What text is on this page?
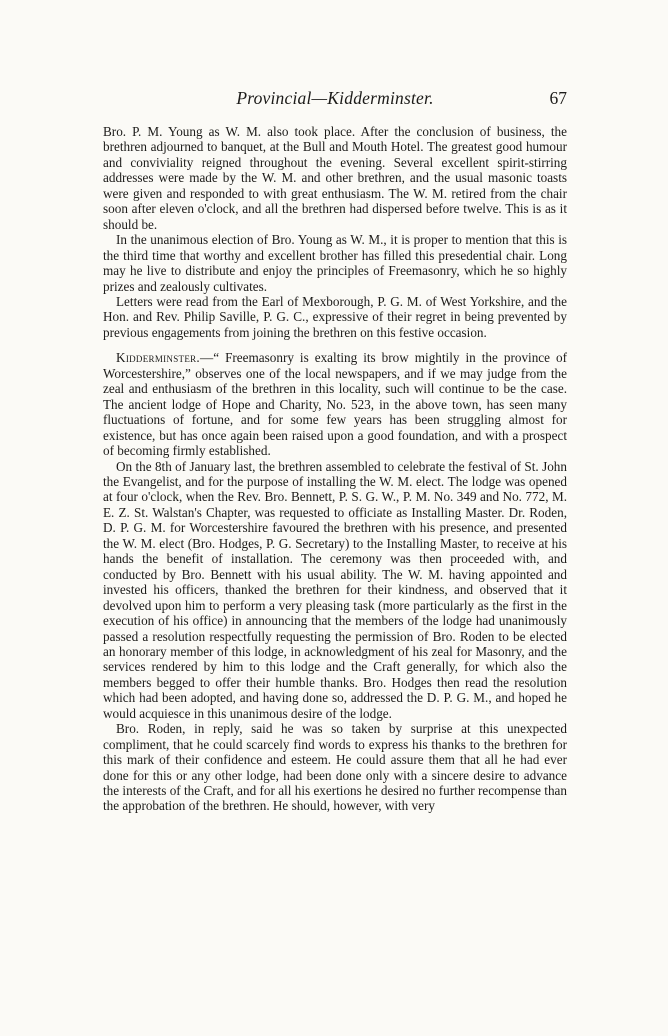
Provincial—Kidderminster.	67

Bro. P. M. Young as W. M. also took place. After the conclusion of business, the brethren adjourned to banquet, at the Bull and Mouth Hotel. The greatest good humour and conviviality reigned throughout the evening. Several excellent spirit-stirring addresses were made by the W. M. and other brethren, and the usual masonic toasts were given and responded to with great enthusiasm. The W. M. retired from the chair soon after eleven o'clock, and all the brethren had dispersed before twelve. This is as it should be.

In the unanimous election of Bro. Young as W. M., it is proper to mention that this is the third time that worthy and excellent brother has filled this presedential chair. Long may he live to distribute and enjoy the principles of Freemasonry, which he so highly prizes and zealously cultivates.

Letters were read from the Earl of Mexborough, P. G. M. of West Yorkshire, and the Hon. and Rev. Philip Saville, P. G. C., expressive of their regret in being prevented by previous engagements from joining the brethren on this festive occasion.

Kidderminster.—“ Freemasonry is exalting its brow mightily in the province of Worcestershire,” observes one of the local newspapers, and if we may judge from the zeal and enthusiasm of the brethren in this locality, such will continue to be the case. The ancient lodge of Hope and Charity, No. 523, in the above town, has seen many fluctuations of fortune, and for some few years has been struggling almost for existence, but has once again been raised upon a good foundation, and with a prospect of becoming firmly established.

On the 8th of January last, the brethren assembled to celebrate the festival of St. John the Evangelist, and for the purpose of installing the W. M. elect. The lodge was opened at four o'clock, when the Rev. Bro. Bennett, P. S. G. W., P. M. No. 349 and No. 772, M. E. Z. St. Walstan's Chapter, was requested to officiate as Installing Master. Dr. Roden, D. P. G. M. for Worcestershire favoured the brethren with his presence, and presented the W. M. elect (Bro. Hodges, P. G. Secretary) to the Installing Master, to receive at his hands the benefit of installation. The ceremony was then proceeded with, and conducted by Bro. Bennett with his usual ability. The W. M. having appointed and invested his officers, thanked the brethren for their kindness, and observed that it devolved upon him to perform a very pleasing task (more particularly as the first in the execution of his office) in announcing that the members of the lodge had unanimously passed a resolution respectfully requesting the permission of Bro. Roden to be elected an honorary member of this lodge, in acknowledgment of his zeal for Masonry, and the services rendered by him to this lodge and the Craft generally, for which also the members begged to offer their humble thanks. Bro. Hodges then read the resolution which had been adopted, and having done so, addressed the D. P. G. M., and hoped he would acquiesce in this unanimous desire of the lodge.

Bro. Roden, in reply, said he was so taken by surprise at this unexpected compliment, that he could scarcely find words to express his thanks to the brethren for this mark of their confidence and esteem. He could assure them that all he had ever done for this or any other lodge, had been done only with a sincere desire to advance the interests of the Craft, and for all his exertions he desired no further recompense than the approbation of the brethren. He should, however, with very
